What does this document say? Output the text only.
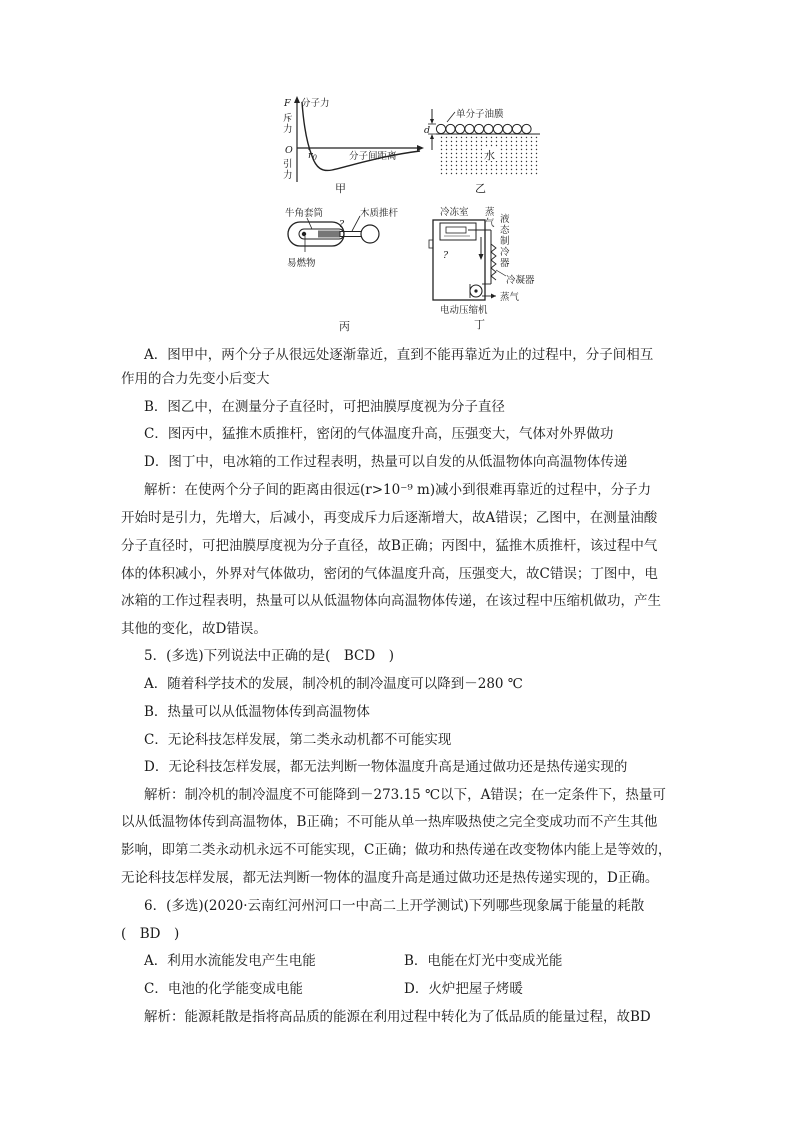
F 分子力
斥
力
O $r_0$	分子间距离
引
力
甲
d
单分子油膜
水
乙
牛角套筒	木质推杆
易燃物
?
丙
冷冻室 蒸
气 液
态
制
冷
器
冷凝器
蒸气
电动压缩机
?
丁
A．图甲中，两个分子从很远处逐渐靠近，直到不能再靠近为止的过程中，分子间相互
作用的合力先变小后变大
B．图乙中，在测量分子直径时，可把油膜厚度视为分子直径
C．图丙中，猛推木质推杆，密闭的气体温度升高，压强变大，气体对外界做功
D．图丁中，电冰箱的工作过程表明，热量可以自发的从低温物体向高温物体传递
解析：在使两个分子间的距离由很远(r>10⁻⁹ m)减小到很难再靠近的过程中，分子力
开始时是引力，先增大，后减小，再变成斥力后逐渐增大，故A错误；乙图中，在测量油酸
分子直径时，可把油膜厚度视为分子直径，故B正确；丙图中，猛推木质推杆，该过程中气
体的体积减小，外界对气体做功，密闭的气体温度升高，压强变大，故C错误；丁图中，电
冰箱的工作过程表明，热量可以从低温物体向高温物体传递，在该过程中压缩机做功，产生
其他的变化，故D错误。
5．(多选)下列说法中正确的是(　BCD　)
A．随着科学技术的发展，制冷机的制冷温度可以降到－280 ℃
B．热量可以从低温物体传到高温物体
C．无论科技怎样发展，第二类永动机都不可能实现
D．无论科技怎样发展，都无法判断一物体温度升高是通过做功还是热传递实现的
解析：制冷机的制冷温度不可能降到－273.15 ℃以下，A错误；在一定条件下，热量可
以从低温物体传到高温物体，B正确；不可能从单一热库吸热使之完全变成功而不产生其他
影响，即第二类永动机永远不可能实现，C正确；做功和热传递在改变物体内能上是等效的，
无论科技怎样发展，都无法判断一物体的温度升高是通过做功还是热传递实现的，D正确。
6．(多选)(2020·云南红河州河口一中高二上开学测试)下列哪些现象属于能量的耗散
(　BD　)
A．利用水流能发电产生电能	B．电能在灯光中变成光能
C．电池的化学能变成电能	D．火炉把屋子烤暖
解析：能源耗散是指将高品质的能源在利用过程中转化为了低品质的能量过程，故BD
